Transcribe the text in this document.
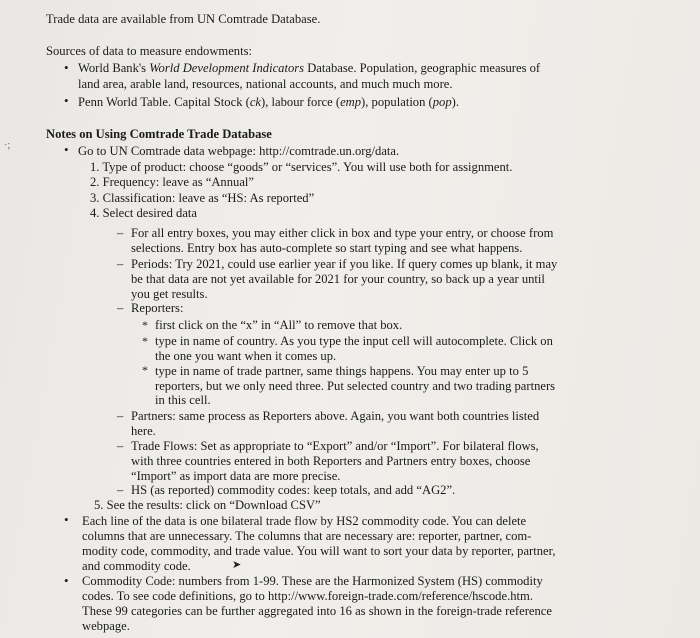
Trade data are available from UN Comtrade Database.
Sources of data to measure endowments:
• World Bank's World Development Indicators Database. Population, geographic measures of
land area, arable land, resources, national accounts, and much much more.
• Penn World Table. Capital Stock (ck), labour force (emp), population (pop).
·;
Notes on Using Comtrade Trade Database
• Go to UN Comtrade data webpage: http://comtrade.un.org/data.
1. Type of product: choose “goods” or “services”. You will use both for assignment.
2. Frequency: leave as “Annual”
3. Classification: leave as “HS: As reported”
4. Select desired data
– For all entry boxes, you may either click in box and type your entry, or choose from
selections. Entry box has auto-complete so start typing and see what happens.
– Periods: Try 2021, could use earlier year if you like. If query comes up blank, it may
be that data are not yet available for 2021 for your country, so back up a year until
you get results.
– Reporters:
* first click on the “x” in “All” to remove that box.
* type in name of country. As you type the input cell will autocomplete. Click on
the one you want when it comes up.
* type in name of trade partner, same things happens. You may enter up to 5
reporters, but we only need three. Put selected country and two trading partners
in this cell.
– Partners: same process as Reporters above. Again, you want both countries listed
here.
– Trade Flows: Set as appropriate to “Export” and/or “Import”. For bilateral flows,
with three countries entered in both Reporters and Partners entry boxes, choose
“Import” as import data are more precise.
– HS (as reported) commodity codes: keep totals, and add “AG2”.
5. See the results: click on “Download CSV”
• Each line of the data is one bilateral trade flow by HS2 commodity code. You can delete
columns that are unnecessary. The columns that are necessary are: reporter, partner, com-
modity code, commodity, and trade value. You will want to sort your data by reporter, partner,
and commodity code.	➤
• Commodity Code: numbers from 1-99. These are the Harmonized System (HS) commodity
codes. To see code definitions, go to http://www.foreign-trade.com/reference/hscode.htm.
These 99 categories can be further aggregated into 16 as shown in the foreign-trade reference
webpage.
